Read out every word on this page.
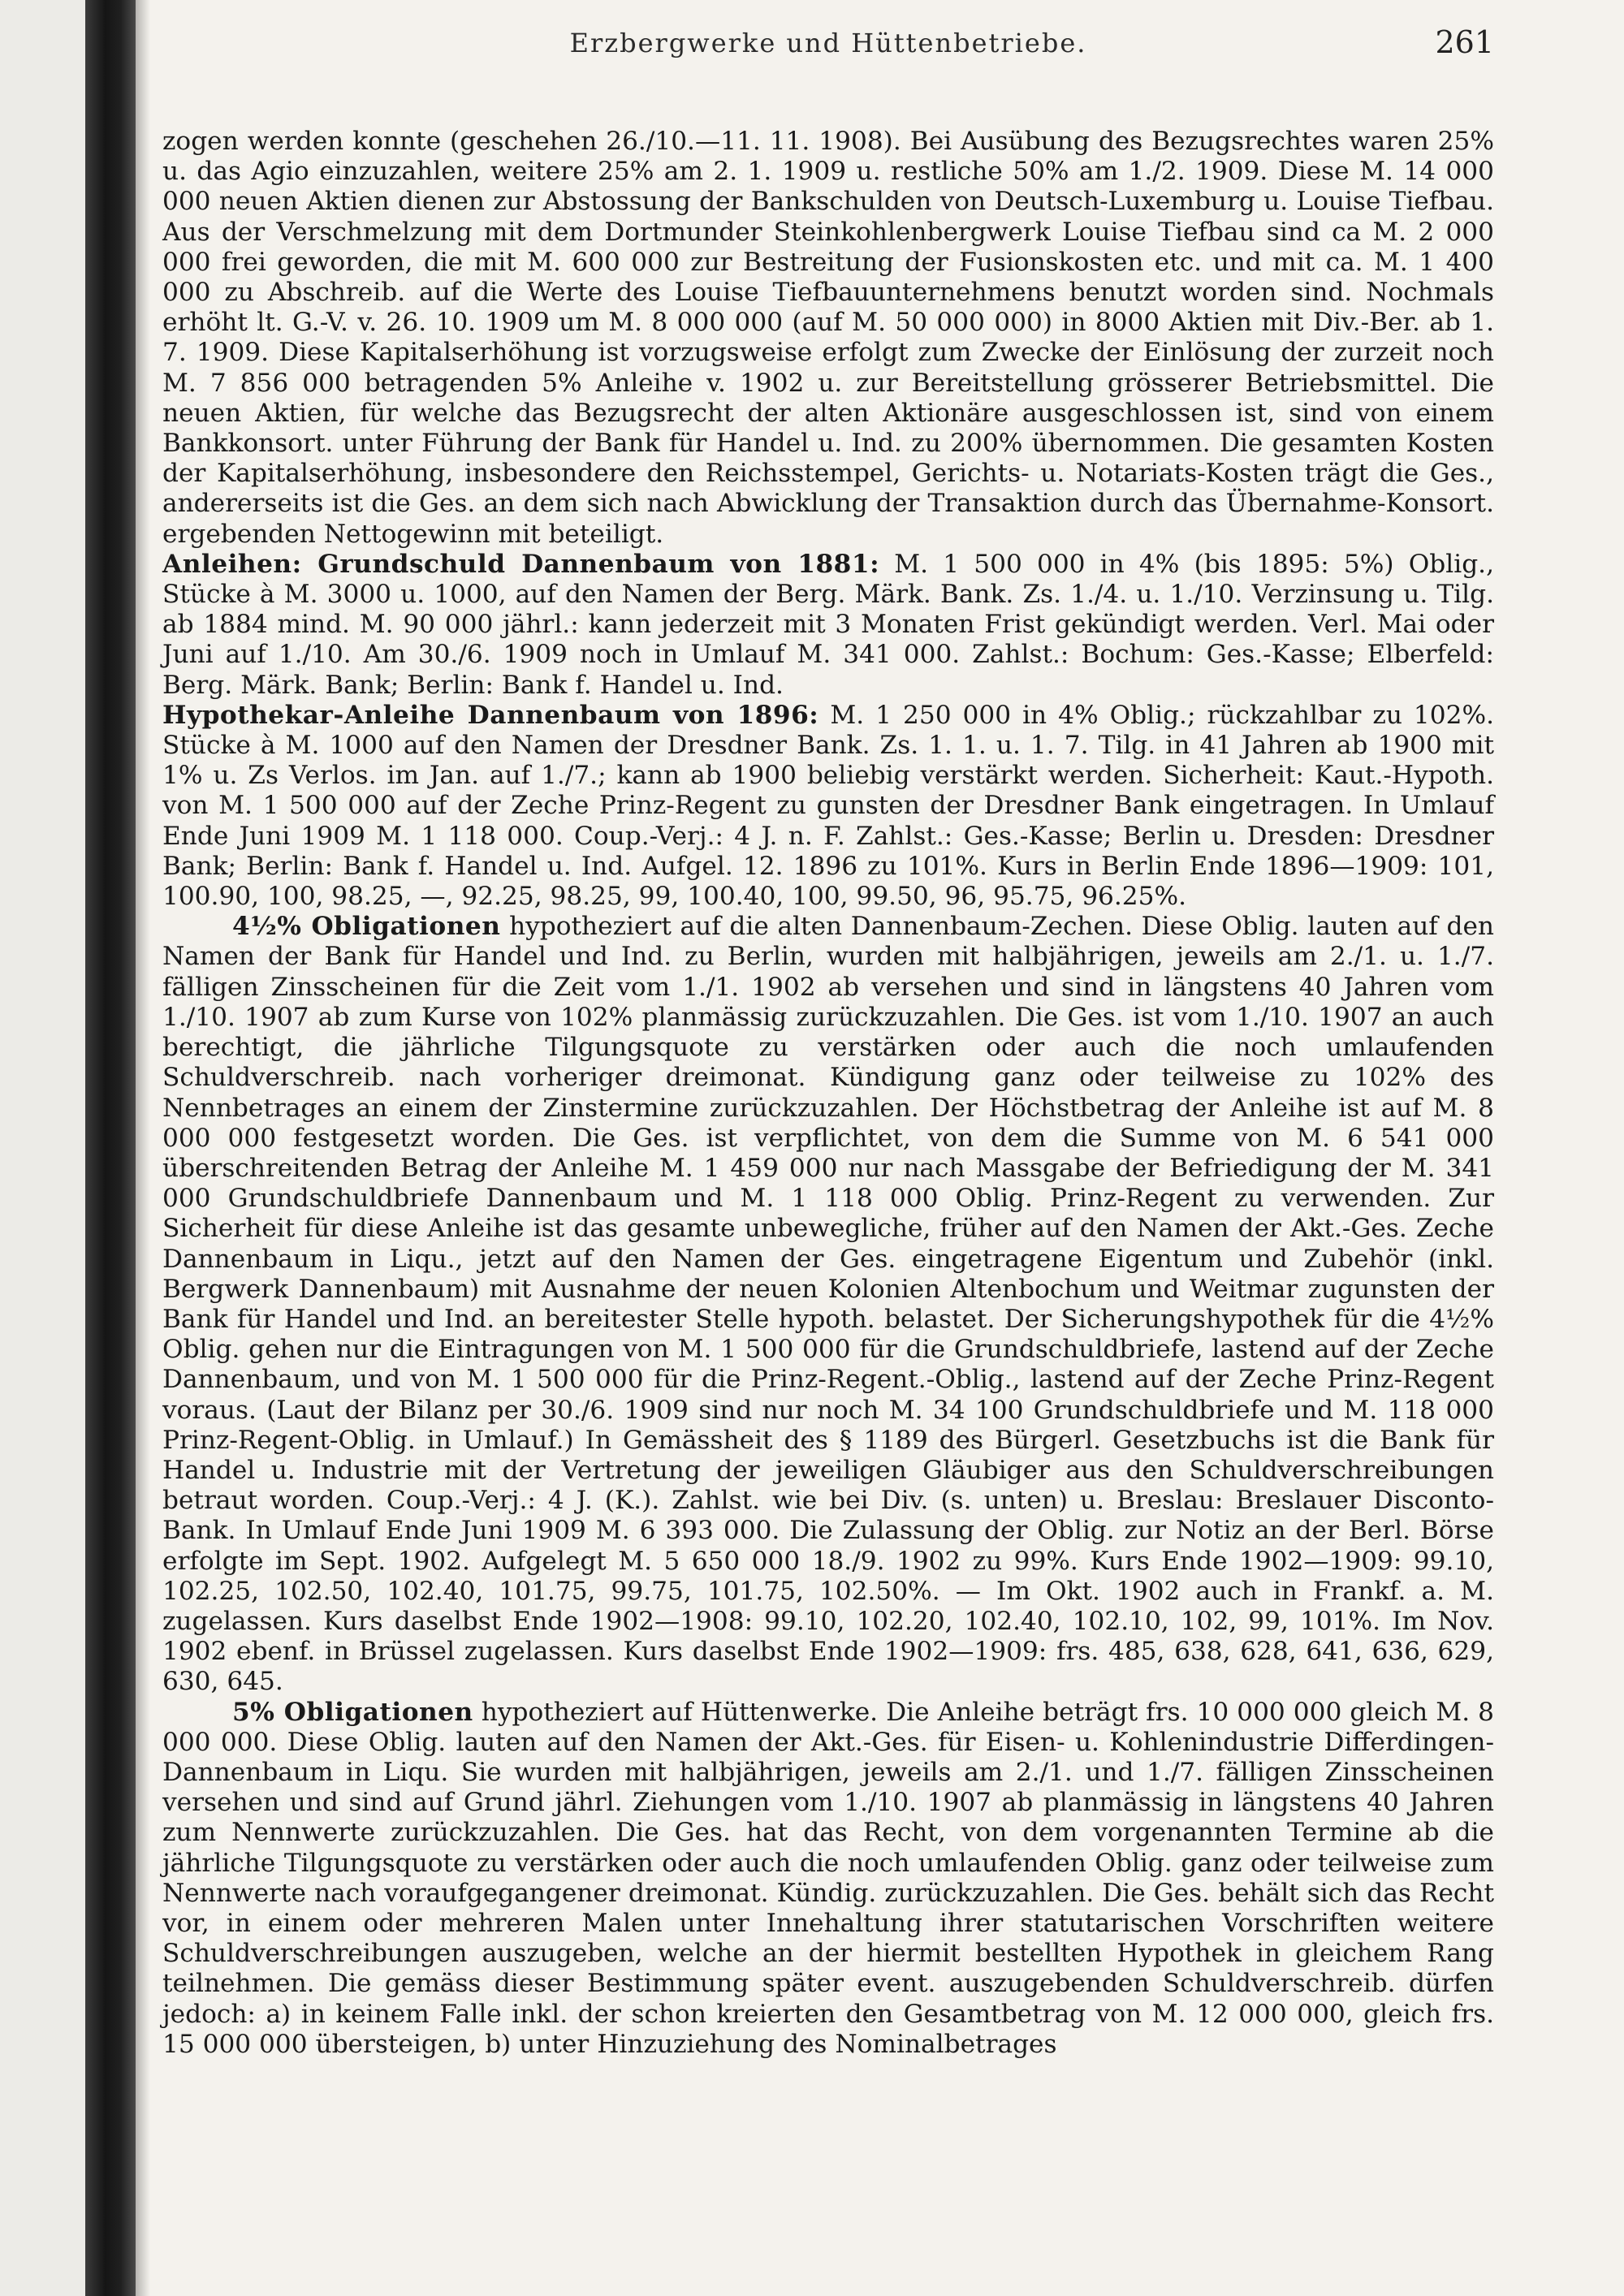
Erzbergwerke und Hüttenbetriebe.	261

zogen werden konnte (geschehen 26./10.—11. 11. 1908). Bei Ausübung des Bezugsrechtes waren 25% u. das Agio einzuzahlen, weitere 25% am 2. 1. 1909 u. restliche 50% am 1./2. 1909. Diese M. 14 000 000 neuen Aktien dienen zur Abstossung der Bankschulden von Deutsch-Luxemburg u. Louise Tiefbau. Aus der Verschmelzung mit dem Dortmunder Steinkohlenbergwerk Louise Tiefbau sind ca M. 2 000 000 frei geworden, die mit M. 600 000 zur Bestreitung der Fusionskosten etc. und mit ca. M. 1 400 000 zu Abschreib. auf die Werte des Louise Tiefbauunternehmens benutzt worden sind. Nochmals erhöht lt. G.-V. v. 26. 10. 1909 um M. 8 000 000 (auf M. 50 000 000) in 8000 Aktien mit Div.-Ber. ab 1. 7. 1909. Diese Kapitalserhöhung ist vorzugsweise erfolgt zum Zwecke der Einlösung der zurzeit noch M. 7 856 000 betragenden 5% Anleihe v. 1902 u. zur Bereitstellung grösserer Betriebsmittel. Die neuen Aktien, für welche das Bezugsrecht der alten Aktionäre ausgeschlossen ist, sind von einem Bankkonsort. unter Führung der Bank für Handel u. Ind. zu 200% übernommen. Die gesamten Kosten der Kapitalserhöhung, insbesondere den Reichsstempel, Gerichts- u. Notariats-Kosten trägt die Ges., andererseits ist die Ges. an dem sich nach Abwicklung der Transaktion durch das Übernahme-Konsort. ergebenden Nettogewinn mit beteiligt.

Anleihen: Grundschuld Dannenbaum von 1881: M. 1 500 000 in 4% (bis 1895: 5%) Oblig., Stücke à M. 3000 u. 1000, auf den Namen der Berg. Märk. Bank. Zs. 1./4. u. 1./10. Verzinsung u. Tilg. ab 1884 mind. M. 90 000 jährl.: kann jederzeit mit 3 Monaten Frist gekündigt werden. Verl. Mai oder Juni auf 1./10. Am 30./6. 1909 noch in Umlauf M. 341 000. Zahlst.: Bochum: Ges.-Kasse; Elberfeld: Berg. Märk. Bank; Berlin: Bank f. Handel u. Ind.

Hypothekar-Anleihe Dannenbaum von 1896: M. 1 250 000 in 4% Oblig.; rückzahlbar zu 102%. Stücke à M. 1000 auf den Namen der Dresdner Bank. Zs. 1. 1. u. 1. 7. Tilg. in 41 Jahren ab 1900 mit 1% u. Zs Verlos. im Jan. auf 1./7.; kann ab 1900 beliebig verstärkt werden. Sicherheit: Kaut.-Hypoth. von M. 1 500 000 auf der Zeche Prinz-Regent zu gunsten der Dresdner Bank eingetragen. In Umlauf Ende Juni 1909 M. 1 118 000. Coup.-Verj.: 4 J. n. F. Zahlst.: Ges.-Kasse; Berlin u. Dresden: Dresdner Bank; Berlin: Bank f. Handel u. Ind. Aufgel. 12. 1896 zu 101%. Kurs in Berlin Ende 1896—1909: 101, 100.90, 100, 98.25, —, 92.25, 98.25, 99, 100.40, 100, 99.50, 96, 95.75, 96.25%.

4½% Obligationen hypotheziert auf die alten Dannenbaum-Zechen. Diese Oblig. lauten auf den Namen der Bank für Handel und Ind. zu Berlin, wurden mit halbjährigen, jeweils am 2./1. u. 1./7. fälligen Zinsscheinen für die Zeit vom 1./1. 1902 ab versehen und sind in längstens 40 Jahren vom 1./10. 1907 ab zum Kurse von 102% planmässig zurückzuzahlen. Die Ges. ist vom 1./10. 1907 an auch berechtigt, die jährliche Tilgungsquote zu verstärken oder auch die noch umlaufenden Schuldverschreib. nach vorheriger dreimonat. Kündigung ganz oder teilweise zu 102% des Nennbetrages an einem der Zinstermine zurückzuzahlen. Der Höchstbetrag der Anleihe ist auf M. 8 000 000 festgesetzt worden. Die Ges. ist verpflichtet, von dem die Summe von M. 6 541 000 überschreitenden Betrag der Anleihe M. 1 459 000 nur nach Massgabe der Befriedigung der M. 341 000 Grundschuldbriefe Dannenbaum und M. 1 118 000 Oblig. Prinz-Regent zu verwenden. Zur Sicherheit für diese Anleihe ist das gesamte unbewegliche, früher auf den Namen der Akt.-Ges. Zeche Dannenbaum in Liqu., jetzt auf den Namen der Ges. eingetragene Eigentum und Zubehör (inkl. Bergwerk Dannenbaum) mit Ausnahme der neuen Kolonien Altenbochum und Weitmar zugunsten der Bank für Handel und Ind. an bereitester Stelle hypoth. belastet. Der Sicherungshypothek für die 4½% Oblig. gehen nur die Eintragungen von M. 1 500 000 für die Grundschuldbriefe, lastend auf der Zeche Dannenbaum, und von M. 1 500 000 für die Prinz-Regent.-Oblig., lastend auf der Zeche Prinz-Regent voraus. (Laut der Bilanz per 30./6. 1909 sind nur noch M. 34 100 Grundschuldbriefe und M. 118 000 Prinz-Regent-Oblig. in Umlauf.) In Gemässheit des § 1189 des Bürgerl. Gesetzbuchs ist die Bank für Handel u. Industrie mit der Vertretung der jeweiligen Gläubiger aus den Schuldverschreibungen betraut worden. Coup.-Verj.: 4 J. (K.). Zahlst. wie bei Div. (s. unten) u. Breslau: Breslauer Disconto-Bank. In Umlauf Ende Juni 1909 M. 6 393 000. Die Zulassung der Oblig. zur Notiz an der Berl. Börse erfolgte im Sept. 1902. Aufgelegt M. 5 650 000 18./9. 1902 zu 99%. Kurs Ende 1902—1909: 99.10, 102.25, 102.50, 102.40, 101.75, 99.75, 101.75, 102.50%. — Im Okt. 1902 auch in Frankf. a. M. zugelassen. Kurs daselbst Ende 1902—1908: 99.10, 102.20, 102.40, 102.10, 102, 99, 101%. Im Nov. 1902 ebenf. in Brüssel zugelassen. Kurs daselbst Ende 1902—1909: frs. 485, 638, 628, 641, 636, 629, 630, 645.

5% Obligationen hypotheziert auf Hüttenwerke. Die Anleihe beträgt frs. 10 000 000 gleich M. 8 000 000. Diese Oblig. lauten auf den Namen der Akt.-Ges. für Eisen- u. Kohlenindustrie Differdingen-Dannenbaum in Liqu. Sie wurden mit halbjährigen, jeweils am 2./1. und 1./7. fälligen Zinsscheinen versehen und sind auf Grund jährl. Ziehungen vom 1./10. 1907 ab planmässig in längstens 40 Jahren zum Nennwerte zurückzuzahlen. Die Ges. hat das Recht, von dem vorgenannten Termine ab die jährliche Tilgungsquote zu verstärken oder auch die noch umlaufenden Oblig. ganz oder teilweise zum Nennwerte nach voraufgegangener dreimonat. Kündig. zurückzuzahlen. Die Ges. behält sich das Recht vor, in einem oder mehreren Malen unter Innehaltung ihrer statutarischen Vorschriften weitere Schuldverschreibungen auszugeben, welche an der hiermit bestellten Hypothek in gleichem Rang teilnehmen. Die gemäss dieser Bestimmung später event. auszugebenden Schuldverschreib. dürfen jedoch: a) in keinem Falle inkl. der schon kreierten den Gesamtbetrag von M. 12 000 000, gleich frs. 15 000 000 übersteigen, b) unter Hinzuziehung des Nominalbetrages
